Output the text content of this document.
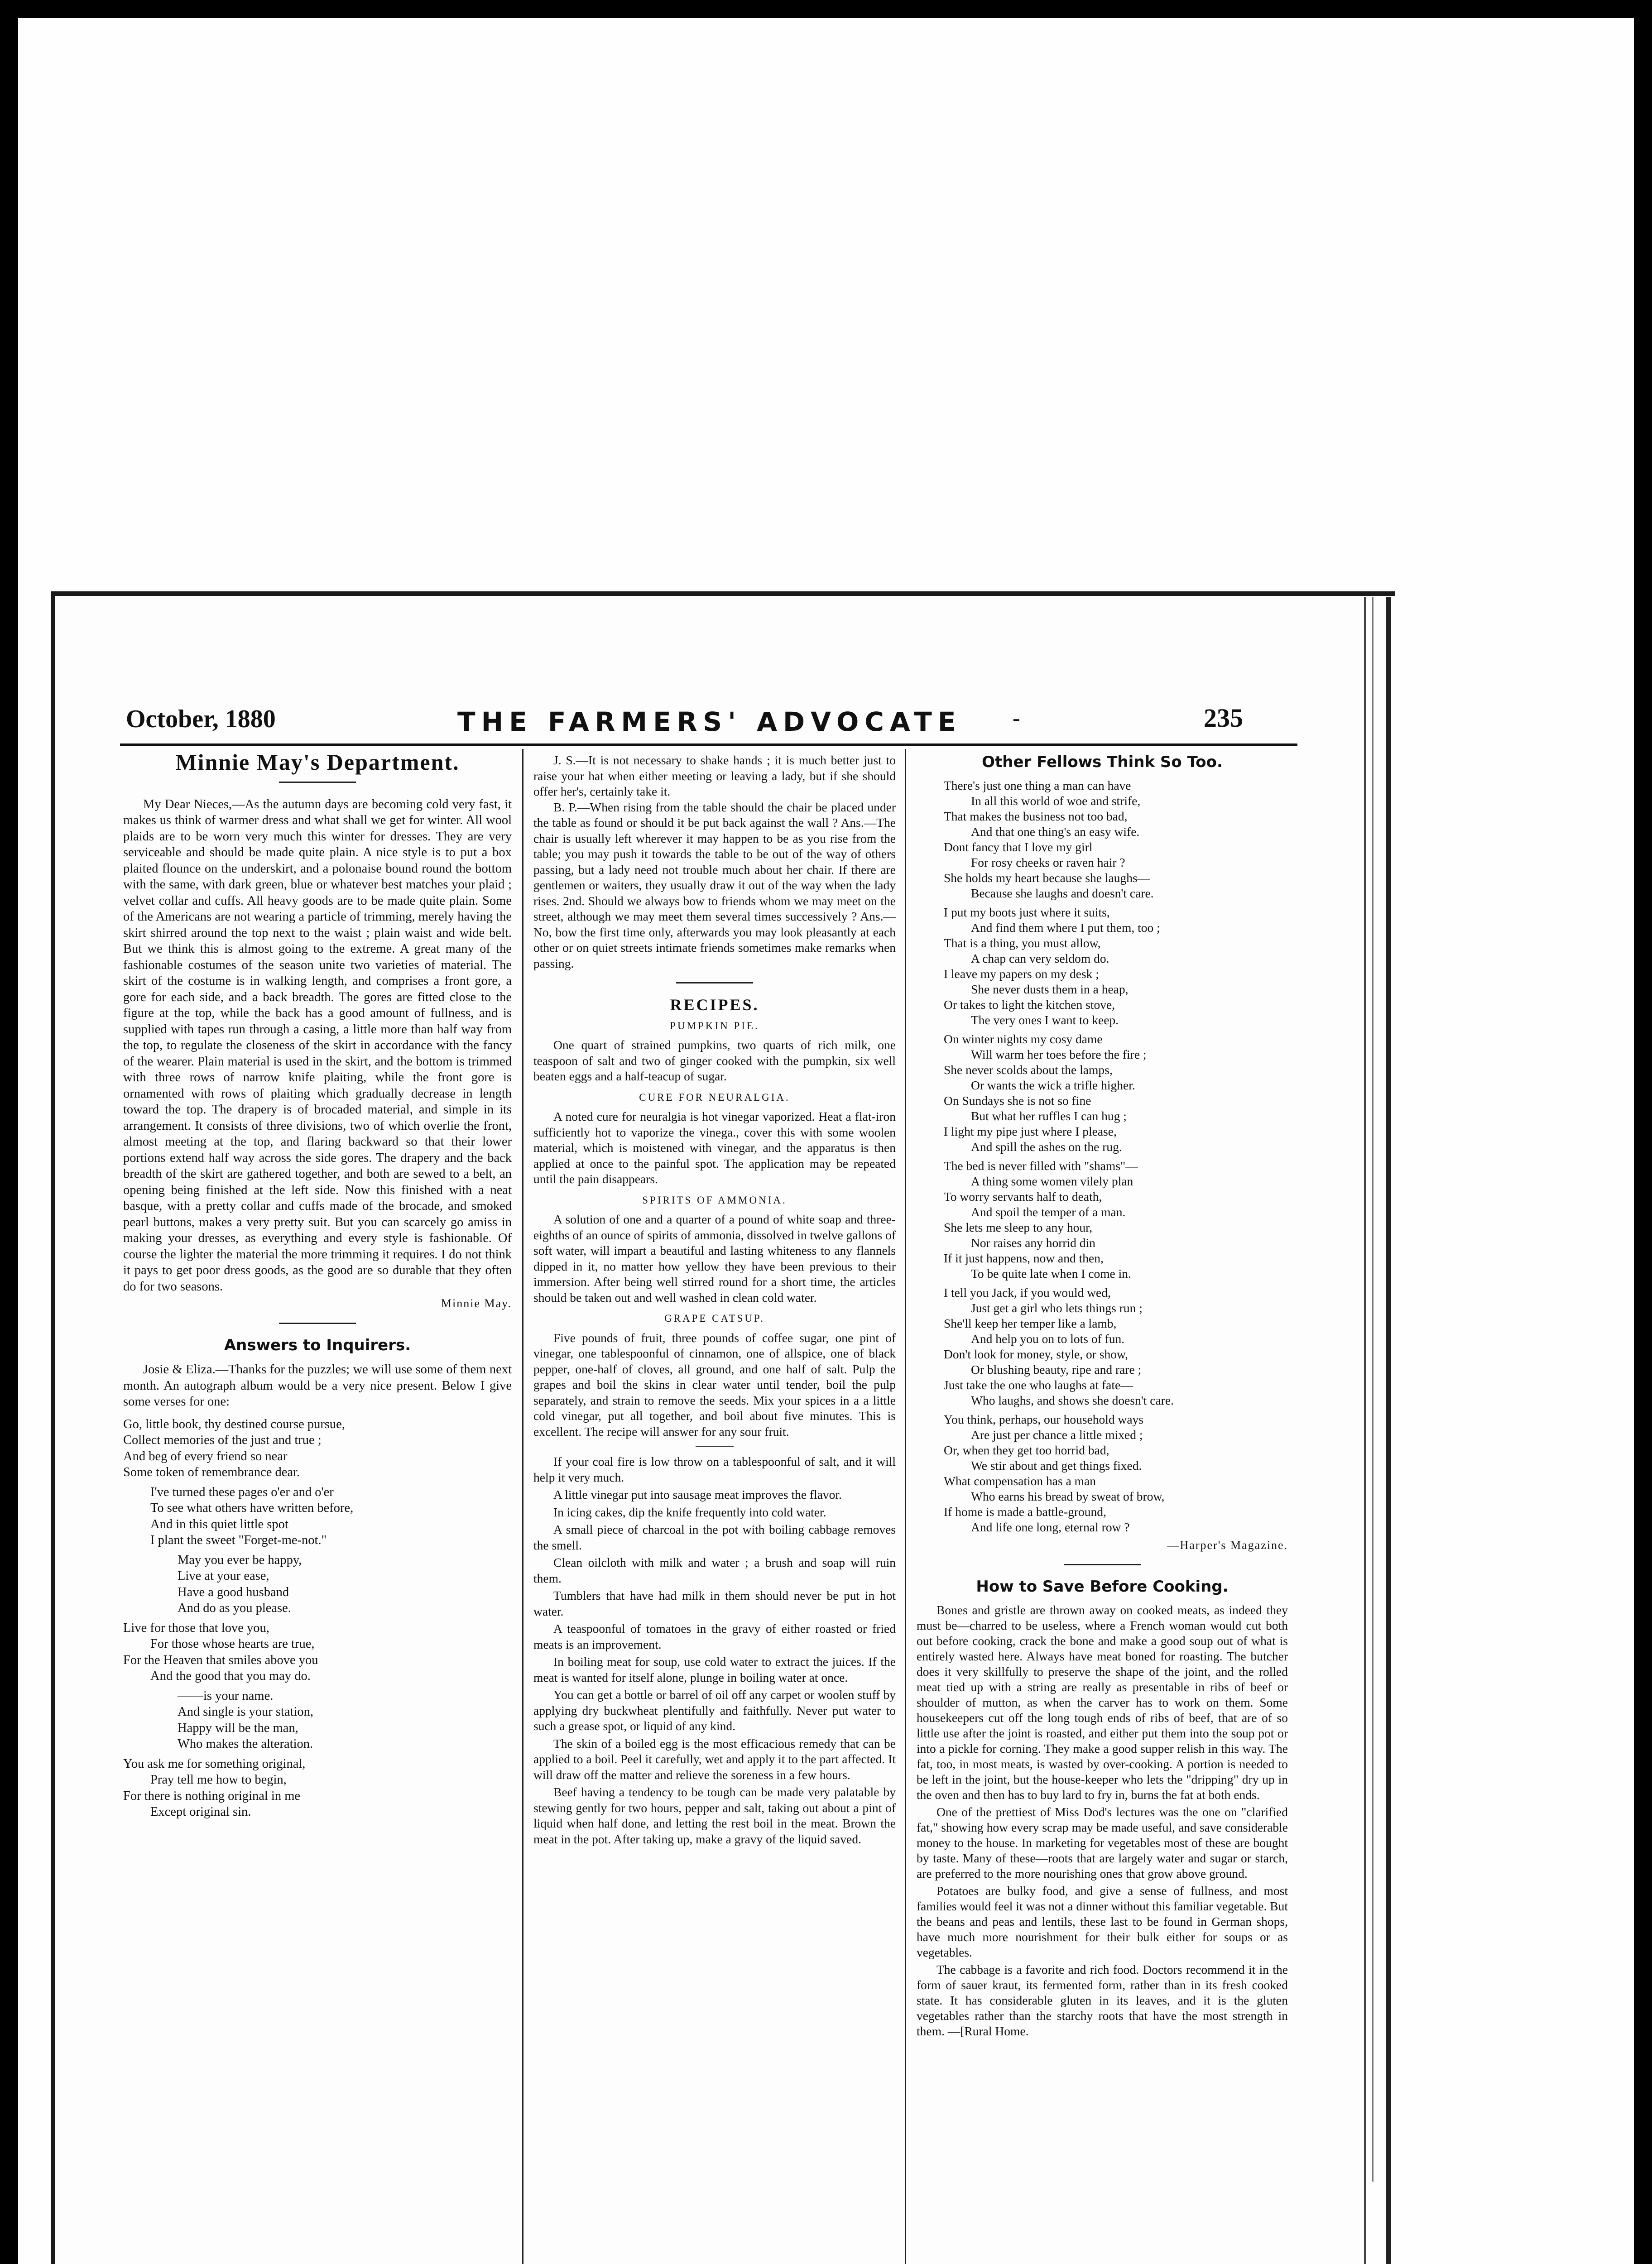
October, 1880	THE FARMERS' ADVOCATE -	235
Minnie May's Department.

My Dear Nieces,—As the autumn days are becoming cold very fast, it makes us think of warmer dress and what shall we get for winter. All wool plaids are to be worn very much this winter for dresses. They are very serviceable and should be made quite plain. A nice style is to put a box plaited flounce on the underskirt, and a polonaise bound round the bottom with the same, with dark green, blue or whatever best matches your plaid ; velvet collar and cuffs. All heavy goods are to be made quite plain. Some of the Americans are not wearing a particle of trimming, merely having the skirt shirred around the top next to the waist ; plain waist and wide belt. But we think this is almost going to the extreme. A great many of the fashionable costumes of the season unite two varieties of material. The skirt of the costume is in walking length, and comprises a front gore, a gore for each side, and a back breadth. The gores are fitted close to the figure at the top, while the back has a good amount of fullness, and is supplied with tapes run through a casing, a little more than half way from the top, to regulate the closeness of the skirt in accordance with the fancy of the wearer. Plain material is used in the skirt, and the bottom is trimmed with three rows of narrow knife plaiting, while the front gore is ornamented with rows of plaiting which gradually decrease in length toward the top. The drapery is of brocaded material, and simple in its arrangement. It consists of three divisions, two of which overlie the front, almost meeting at the top, and flaring backward so that their lower portions extend half way across the side gores. The drapery and the back breadth of the skirt are gathered together, and both are sewed to a belt, an opening being finished at the left side. Now this finished with a neat basque, with a pretty collar and cuffs made of the brocade, and smoked pearl buttons, makes a very pretty suit. But you can scarcely go amiss in making your dresses, as everything and every style is fashionable. Of course the lighter the material the more trimming it requires. I do not think it pays to get poor dress goods, as the good are so durable that they often do for two seasons.

Minnie May.
Answers to Inquirers.

Josie & Eliza.—Thanks for the puzzles; we will use some of them next month. An autograph album would be a very nice present. Below I give some verses for one:

Go, little book, thy destined course pursue,
Collect memories of the just and true ;
And beg of every friend so near
Some token of remembrance dear.
I've turned these pages o'er and o'er
To see what others have written before,
And in this quiet little spot
I plant the sweet "Forget-me-not."
May you ever be happy,
Live at your ease,
Have a good husband
And do as you please.
Live for those that love you,
For those whose hearts are true,
For the Heaven that smiles above you
And the good that you may do.
——is your name.
And single is your station,
Happy will be the man,
Who makes the alteration.
You ask me for something original,
Pray tell me how to begin,
For there is nothing original in me
Except original sin.

J. S.—It is not necessary to shake hands ; it is much better just to raise your hat when either meeting or leaving a lady, but if she should offer her's, certainly take it.

B. P.—When rising from the table should the chair be placed under the table as found or should it be put back against the wall ? Ans.—The chair is usually left wherever it may happen to be as you rise from the table; you may push it towards the table to be out of the way of others passing, but a lady need not trouble much about her chair. If there are gentlemen or waiters, they usually draw it out of the way when the lady rises. 2nd. Should we always bow to friends whom we may meet on the street, although we may meet them several times successively ? Ans.—No, bow the first time only, afterwards you may look pleasantly at each other or on quiet streets intimate friends sometimes make remarks when passing.

RECIPES.
PUMPKIN PIE.

One quart of strained pumpkins, two quarts of rich milk, one teaspoon of salt and two of ginger cooked with the pumpkin, six well beaten eggs and a half-teacup of sugar.

CURE FOR NEURALGIA.

A noted cure for neuralgia is hot vinegar vaporized. Heat a flat-iron sufficiently hot to vaporize the vinega., cover this with some woolen material, which is moistened with vinegar, and the apparatus is then applied at once to the painful spot. The application may be repeated until the pain disappears.

SPIRITS OF AMMONIA.

A solution of one and a quarter of a pound of white soap and three-eighths of an ounce of spirits of ammonia, dissolved in twelve gallons of soft water, will impart a beautiful and lasting whiteness to any flannels dipped in it, no matter how yellow they have been previous to their immersion. After being well stirred round for a short time, the articles should be taken out and well washed in clean cold water.

GRAPE CATSUP.

Five pounds of fruit, three pounds of coffee sugar, one pint of vinegar, one tablespoonful of cinnamon, one of allspice, one of black pepper, one-half of cloves, all ground, and one half of salt. Pulp the grapes and boil the skins in clear water until tender, boil the pulp separately, and strain to remove the seeds. Mix your spices in a a little cold vinegar, put all together, and boil about five minutes. This is excellent. The recipe will answer for any sour fruit.

If your coal fire is low throw on a tablespoonful of salt, and it will help it very much.

A little vinegar put into sausage meat improves the flavor.

In icing cakes, dip the knife frequently into cold water.

A small piece of charcoal in the pot with boiling cabbage removes the smell.

Clean oilcloth with milk and water ; a brush and soap will ruin them.

Tumblers that have had milk in them should never be put in hot water.

A teaspoonful of tomatoes in the gravy of either roasted or fried meats is an improvement.

In boiling meat for soup, use cold water to extract the juices. If the meat is wanted for itself alone, plunge in boiling water at once.

You can get a bottle or barrel of oil off any carpet or woolen stuff by applying dry buckwheat plentifully and faithfully. Never put water to such a grease spot, or liquid of any kind.

The skin of a boiled egg is the most efficacious remedy that can be applied to a boil. Peel it carefully, wet and apply it to the part affected. It will draw off the matter and relieve the soreness in a few hours.

Beef having a tendency to be tough can be made very palatable by stewing gently for two hours, pepper and salt, taking out about a pint of liquid when half done, and letting the rest boil in the meat. Brown the meat in the pot. After taking up, make a gravy of the liquid saved.

Other Fellows Think So Too.
There's just one thing a man can have
In all this world of woe and strife,
That makes the business not too bad,
And that one thing's an easy wife.
Dont fancy that I love my girl
For rosy cheeks or raven hair ?
She holds my heart because she laughs—
Because she laughs and doesn't care.
I put my boots just where it suits,
And find them where I put them, too ;
That is a thing, you must allow,
A chap can very seldom do.
I leave my papers on my desk ;
She never dusts them in a heap,
Or takes to light the kitchen stove,
The very ones I want to keep.
On winter nights my cosy dame
Will warm her toes before the fire ;
She never scolds about the lamps,
Or wants the wick a trifle higher.
On Sundays she is not so fine
But what her ruffles I can hug ;
I light my pipe just where I please,
And spill the ashes on the rug.
The bed is never filled with "shams"—
A thing some women vilely plan
To worry servants half to death,
And spoil the temper of a man.
She lets me sleep to any hour,
Nor raises any horrid din
If it just happens, now and then,
To be quite late when I come in.
I tell you Jack, if you would wed,
Just get a girl who lets things run ;
She'll keep her temper like a lamb,
And help you on to lots of fun.
Don't look for money, style, or show,
Or blushing beauty, ripe and rare ;
Just take the one who laughs at fate—
Who laughs, and shows she doesn't care.
You think, perhaps, our household ways
Are just per chance a little mixed ;
Or, when they get too horrid bad,
We stir about and get things fixed.
What compensation has a man
Who earns his bread by sweat of brow,
If home is made a battle-ground,
And life one long, eternal row ?
—Harper's Magazine.
How to Save Before Cooking.

Bones and gristle are thrown away on cooked meats, as indeed they must be—charred to be useless, where a French woman would cut both out before cooking, crack the bone and make a good soup out of what is entirely wasted here. Always have meat boned for roasting. The butcher does it very skillfully to preserve the shape of the joint, and the rolled meat tied up with a string are really as presentable in ribs of beef or shoulder of mutton, as when the carver has to work on them. Some housekeepers cut off the long tough ends of ribs of beef, that are of so little use after the joint is roasted, and either put them into the soup pot or into a pickle for corning. They make a good supper relish in this way. The fat, too, in most meats, is wasted by over-cooking. A portion is needed to be left in the joint, but the house-keeper who lets the "dripping" dry up in the oven and then has to buy lard to fry in, burns the fat at both ends.

One of the prettiest of Miss Dod's lectures was the one on "clarified fat," showing how every scrap may be made useful, and save considerable money to the house. In marketing for vegetables most of these are bought by taste. Many of these—roots that are largely water and sugar or starch, are preferred to the more nourishing ones that grow above ground.

Potatoes are bulky food, and give a sense of fullness, and most families would feel it was not a dinner without this familiar vegetable. But the beans and peas and lentils, these last to be found in German shops, have much more nourishment for their bulk either for soups or as vegetables.

The cabbage is a favorite and rich food. Doctors recommend it in the form of sauer kraut, its fermented form, rather than in its fresh cooked state. It has considerable gluten in its leaves, and it is the gluten vegetables rather than the starchy roots that have the most strength in them. —[Rural Home.
